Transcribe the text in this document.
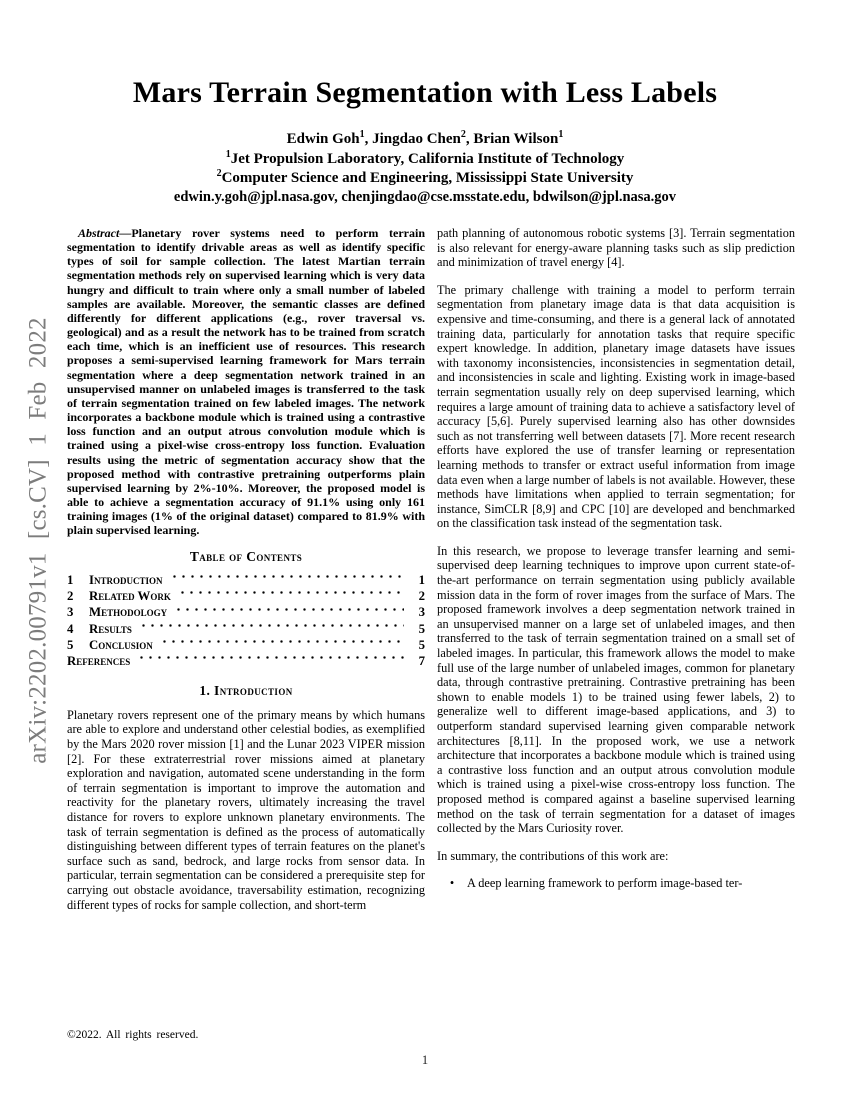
arXiv:2202.00791v1 [cs.CV] 1 Feb 2022
Mars Terrain Segmentation with Less Labels
Edwin Goh$^1$, Jingdao Chen$^2$, Brian Wilson$^1$
$^1$Jet Propulsion Laboratory, California Institute of Technology
$^2$Computer Science and Engineering, Mississippi State University
edwin.y.goh@jpl.nasa.gov, chenjingdao@cse.msstate.edu, bdwilson@jpl.nasa.gov

Abstract—Planetary rover systems need to perform terrain segmentation to identify drivable areas as well as identify specific types of soil for sample collection. The latest Martian terrain segmentation methods rely on supervised learning which is very data hungry and difficult to train where only a small number of labeled samples are available. Moreover, the semantic classes are defined differently for different applications (e.g., rover traversal vs. geological) and as a result the network has to be trained from scratch each time, which is an inefficient use of resources. This research proposes a semi-supervised learning framework for Mars terrain segmentation where a deep segmentation network trained in an unsupervised manner on unlabeled images is transferred to the task of terrain segmentation trained on few labeled images. The network incorporates a backbone module which is trained using a contrastive loss function and an output atrous convolution module which is trained using a pixel-wise cross-entropy loss function. Evaluation results using the metric of segmentation accuracy show that the proposed method with contrastive pretraining outperforms plain supervised learning by 2%-10%. Moreover, the proposed model is able to achieve a segmentation accuracy of 91.1% using only 161 training images (1% of the original dataset) compared to 81.9% with plain supervised learning.

Table of Contents
1	Introduction	1
2	Related Work	2
3	Methodology	3
4	Results	5
5	Conclusion	5
References	7
1. Introduction

Planetary rovers represent one of the primary means by which humans are able to explore and understand other celestial bodies, as exemplified by the Mars 2020 rover mission [1] and the Lunar 2023 VIPER mission [2]. For these extraterrestrial rover missions aimed at planetary exploration and navigation, automated scene understanding in the form of terrain segmentation is important to improve the automation and reactivity for the planetary rovers, ultimately increasing the travel distance for rovers to explore unknown planetary environments. The task of terrain segmentation is defined as the process of automatically distinguishing between different types of terrain features on the planet's surface such as sand, bedrock, and large rocks from sensor data. In particular, terrain segmentation can be considered a prerequisite step for carrying out obstacle avoidance, traversability estimation, recognizing different types of rocks for sample collection, and short-term

path planning of autonomous robotic systems [3]. Terrain segmentation is also relevant for energy-aware planning tasks such as slip prediction and minimization of travel energy [4].

The primary challenge with training a model to perform terrain segmentation from planetary image data is that data acquisition is expensive and time-consuming, and there is a general lack of annotated training data, particularly for annotation tasks that require specific expert knowledge. In addition, planetary image datasets have issues with taxonomy inconsistencies, inconsistencies in segmentation detail, and inconsistencies in scale and lighting. Existing work in image-based terrain segmentation usually rely on deep supervised learning, which requires a large amount of training data to achieve a satisfactory level of accuracy [5,6]. Purely supervised learning also has other downsides such as not transferring well between datasets [7]. More recent research efforts have explored the use of transfer learning or representation learning methods to transfer or extract useful information from image data even when a large number of labels is not available. However, these methods have limitations when applied to terrain segmentation; for instance, SimCLR [8,9] and CPC [10] are developed and benchmarked on the classification task instead of the segmentation task.

In this research, we propose to leverage transfer learning and semi-supervised deep learning techniques to improve upon current state-of-the-art performance on terrain segmentation using publicly available mission data in the form of rover images from the surface of Mars. The proposed framework involves a deep segmentation network trained in an unsupervised manner on a large set of unlabeled images, and then transferred to the task of terrain segmentation trained on a small set of labeled images. In particular, this framework allows the model to make full use of the large number of unlabeled images, common for planetary data, through contrastive pretraining. Contrastive pretraining has been shown to enable models 1) to be trained using fewer labels, 2) to generalize well to different image-based applications, and 3) to outperform standard supervised learning given comparable network architectures [8,11]. In the proposed work, we use a network architecture that incorporates a backbone module which is trained using a contrastive loss function and an output atrous convolution module which is trained using a pixel-wise cross-entropy loss function. The proposed method is compared against a baseline supervised learning method on the task of terrain segmentation for a dataset of images collected by the Mars Curiosity rover.

In summary, the contributions of this work are:

• A deep learning framework to perform image-based ter-
©2022. All rights reserved.
1
